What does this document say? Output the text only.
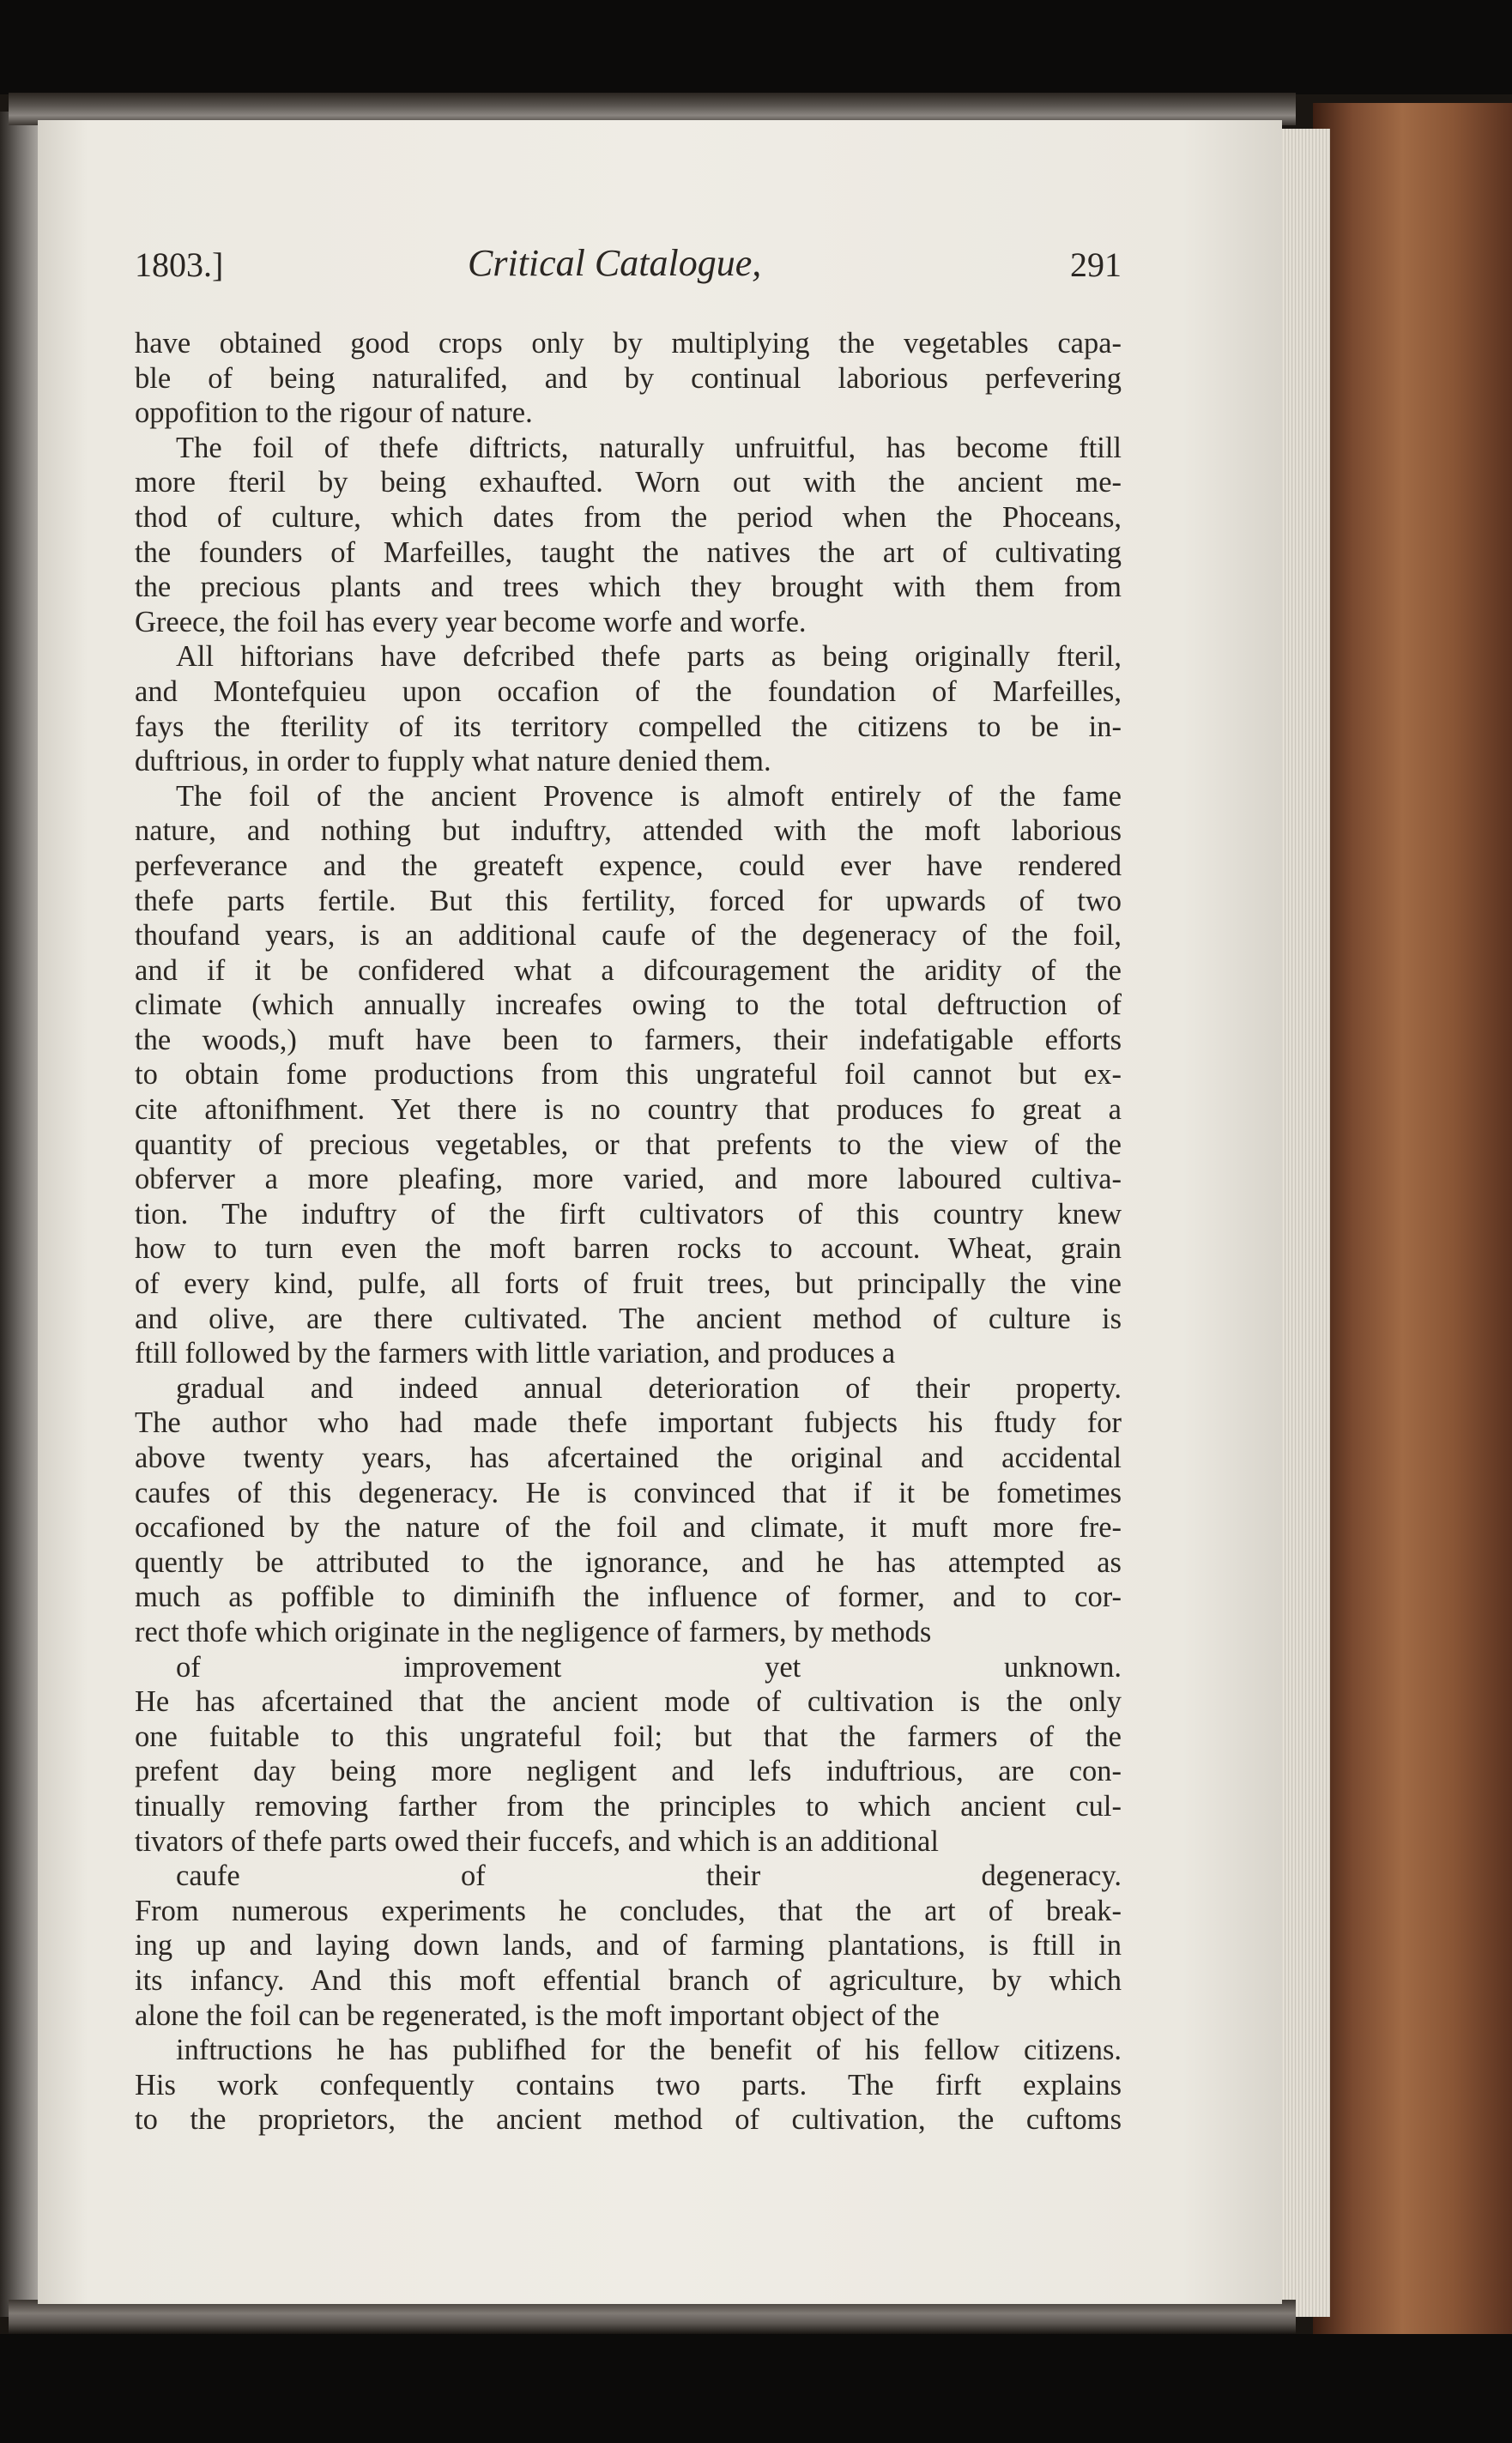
1803.]	Critical Catalogue,	291
have obtained good crops only by multiplying the vegetables capa-
ble of being naturalifed, and by continual laborious perfevering
oppofition to the rigour of nature.
The foil of thefe diftricts, naturally unfruitful, has become ftill
more fteril by being exhaufted. Worn out with the ancient me-
thod of culture, which dates from the period when the Phoceans,
the founders of Marfeilles, taught the natives the art of cultivating
the precious plants and trees which they brought with them from
Greece, the foil has every year become worfe and worfe.
All hiftorians have defcribed thefe parts as being originally fteril,
and Montefquieu upon occafion of the foundation of Marfeilles,
fays the fterility of its territory compelled the citizens to be in-
duftrious, in order to fupply what nature denied them.
The foil of the ancient Provence is almoft entirely of the fame
nature, and nothing but induftry, attended with the moft laborious
perfeverance and the greateft expence, could ever have rendered
thefe parts fertile. But this fertility, forced for upwards of two
thoufand years, is an additional caufe of the degeneracy of the foil,
and if it be confidered what a difcouragement the aridity of the
climate (which annually increafes owing to the total deftruction of
the woods,) muft have been to farmers, their indefatigable efforts
to obtain fome productions from this ungrateful foil cannot but ex-
cite aftonifhment. Yet there is no country that produces fo great a
quantity of precious vegetables, or that prefents to the view of the
obferver a more pleafing, more varied, and more laboured cultiva-
tion. The induftry of the firft cultivators of this country knew
how to turn even the moft barren rocks to account. Wheat, grain
of every kind, pulfe, all forts of fruit trees, but principally the vine
and olive, are there cultivated. The ancient method of culture is
ftill followed by the farmers with little variation, and produces a
gradual and indeed annual deterioration of their property.
The author who had made thefe important fubjects his ftudy for
above twenty years, has afcertained the original and accidental
caufes of this degeneracy. He is convinced that if it be fometimes
occafioned by the nature of the foil and climate, it muft more fre-
quently be attributed to the ignorance, and he has attempted as
much as poffible to diminifh the influence of former, and to cor-
rect thofe which originate in the negligence of farmers, by methods
of improvement yet unknown.
He has afcertained that the ancient mode of cultivation is the only
one fuitable to this ungrateful foil; but that the farmers of the
prefent day being more negligent and lefs induftrious, are con-
tinually removing farther from the principles to which ancient cul-
tivators of thefe parts owed their fuccefs, and which is an additional
caufe of their degeneracy.
From numerous experiments he concludes, that the art of break-
ing up and laying down lands, and of farming plantations, is ftill in
its infancy. And this moft effential branch of agriculture, by which
alone the foil can be regenerated, is the moft important object of the
inftructions he has publifhed for the benefit of his fellow citizens.
His work confequently contains two parts. The firft explains
to the proprietors, the ancient method of cultivation, the cuftoms
